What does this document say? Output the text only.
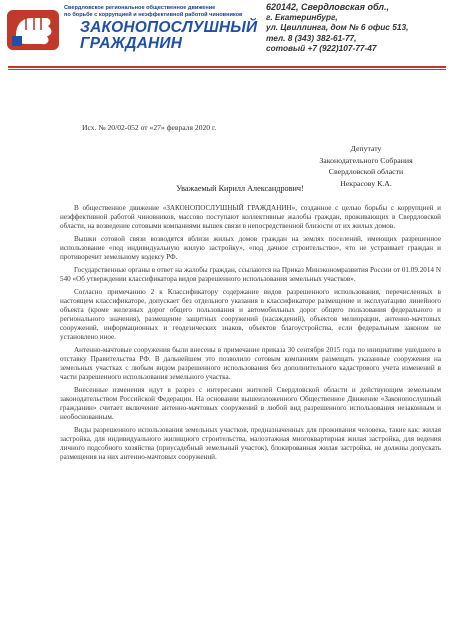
Свердловское региональное общественное движение
по борьбе с коррупцией и неэффективной работой чиновников
ЗАКОНОПОСЛУШНЫЙ
ГРАЖДАНИН
620142, Свердловская обл.,
г. Екатеринбург,
ул. Цвиллинга, дом № 6 офис 513,
тел. 8 (343) 382-61-77,
сотовый +7 (922)107-77-47
Исх. № 20/02-052 от «27» февраля 2020 г.
Депутату
Законодательного Собрания
Свердловской области
Некрасову К.А.
Уважаемый Кирилл Александрович!

В общественное движение «ЗАКОНОПОСЛУШНЫЙ ГРАЖДАНИН», созданное с целью борьбы с коррупцией и неэффективной работой чиновников, массово поступают коллективные жалобы граждан, проживающих в Свердловской области, на возведение сотовыми компаниями вышек связи в непосредственной близости от их жилых домов.

Вышки сотовой связи возводятся вблизи жилых домов граждан на землях поселений, имеющих разрешенное использование «под индивидуальную жилую застройку», «под дачное строительство», что не устраивает граждан и противоречит земельному кодексу РФ.

Государственные органы в ответ на жалобы граждан, ссылаются на Приказ Минэкономразвития России от 01.09.2014 N 540 «Об утверждении классификатора видов разрешенного использования земельных участков».

Согласно примечанию 2 к Классификатору содержание видов разрешенного использования, перечисленных в настоящем классификаторе, допускает без отдельного указания в классификаторе размещение и эксплуатацию линейного объекта (кроме железных дорог общего пользования и автомобильных дорог общего пользования федерального и регионального значения), размещение защитных сооружений (насаждений), объектов мелиорации, антенно-мачтовых сооружений, информационных и геодезических знаков, объектов благоустройства, если федеральным законом не установлено иное.

Антенно-мачтовые сооружения были внесены в примечание приказа 30 сентября 2015 года по инициативе ушедшего в отставку Правительства РФ. В дальнейшем это позволило сотовым компаниям размещать указанные сооружения на земельных участках с любым видом разрешенного использования без дополнительного кадастрового учета изменений в части разрешенного использования земельного участка.

Внесенные изменения идут в разрез с интересами жителей Свердловской области и действующим земельным законодательством Российской Федерации. На основании вышеизложенного Общественное Движение «Законопослушный гражданин» считает включение антенно-мачтовых сооружений в любой вид разрешенного использования незаконным и необоснованным.

Виды разрешенного использования земельных участков, предназначенных для проживания человека, такие как: жилая застройка, для индивидуального жилищного строительства, малоэтажная многоквартирная жилая застройка, для ведения личного подсобного хозяйства (приусадебный земельный участок), блокированная жилая застройка, не должны допускать размещения на них антенно-мачтовых сооружений.
